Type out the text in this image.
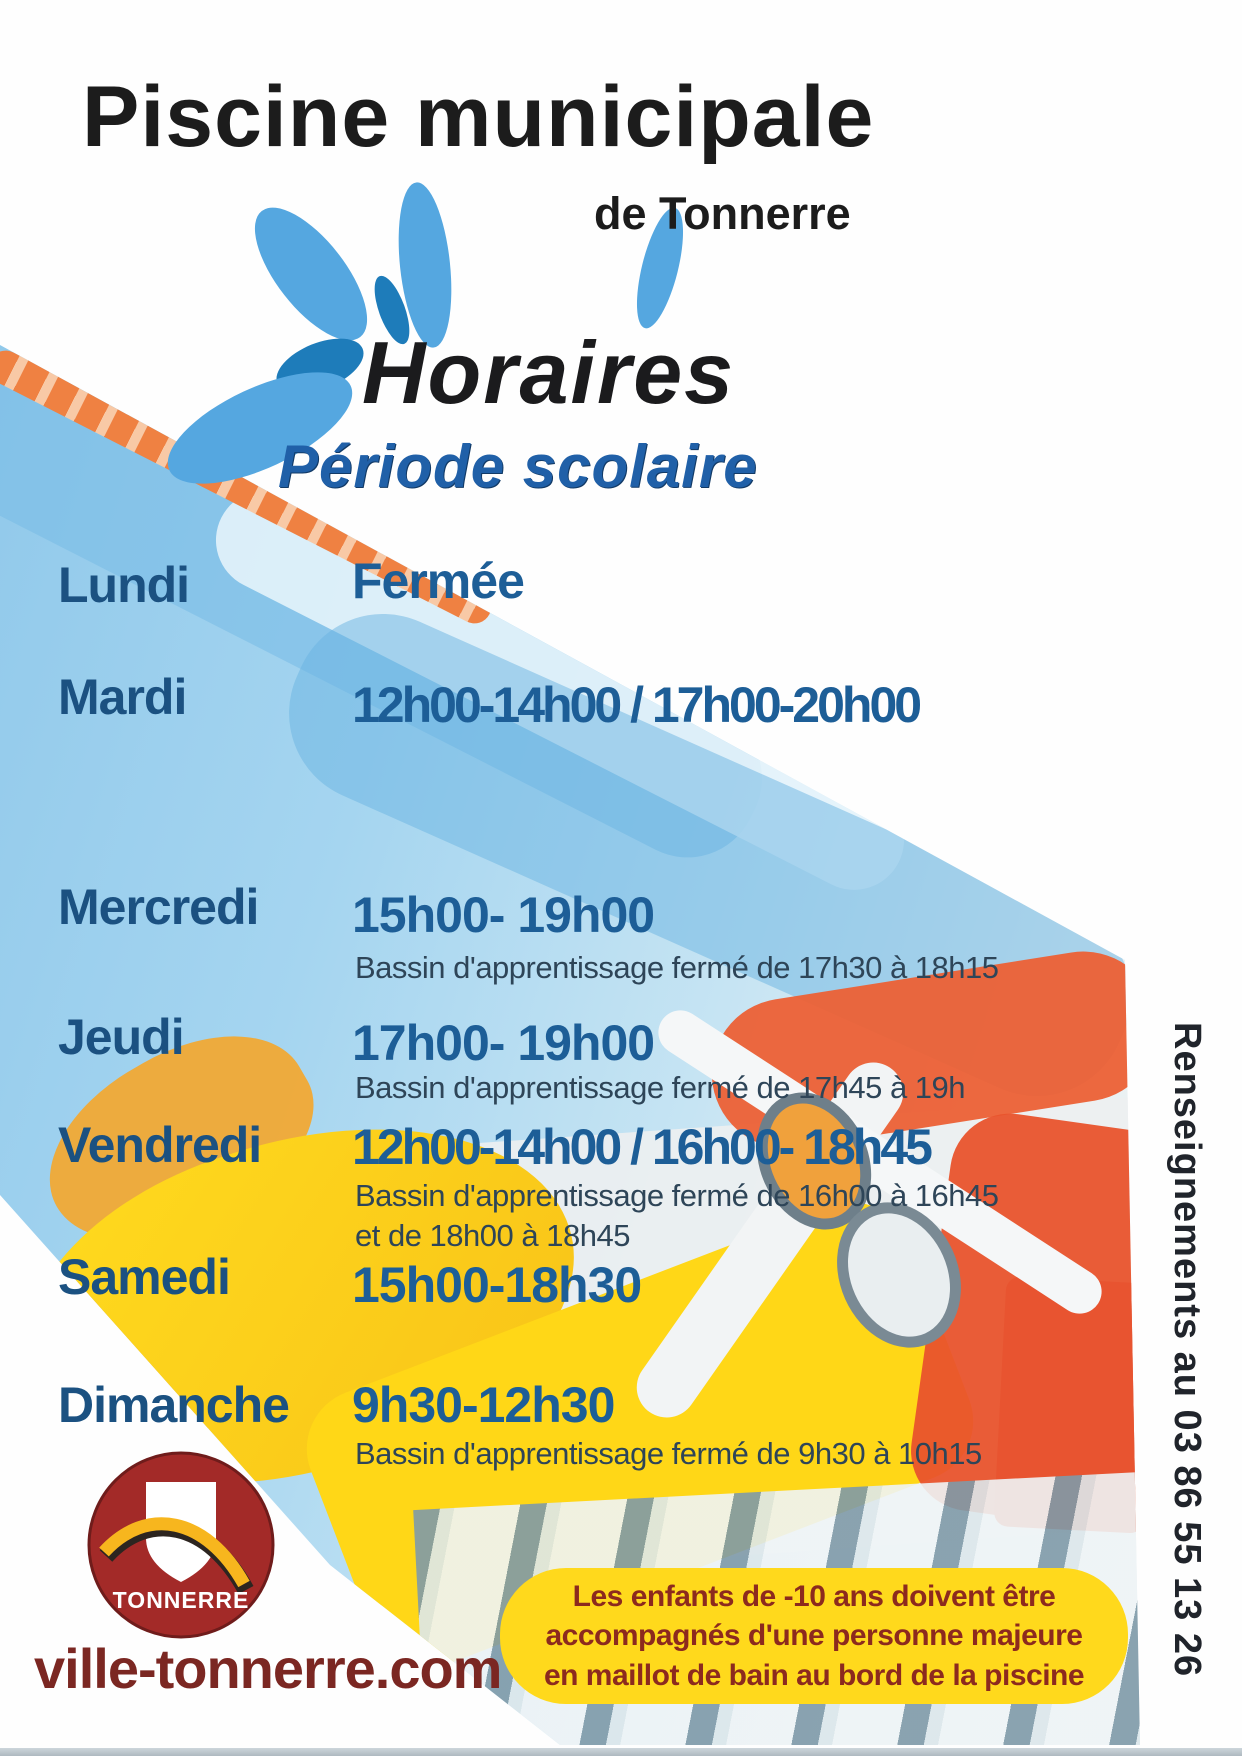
Piscine municipale
de Tonnerre
Horaires
Période scolaire
Lundi	Fermée
Mardi	12h00-14h00 / 17h00-20h00
Mercredi 15h00- 19h00
Bassin d'apprentissage fermé de 17h30 à 18h15
Jeudi	17h00- 19h00
Bassin d'apprentissage fermé de 17h45 à 19h
Vendredi 12h00-14h00 / 16h00- 18h45
Bassin d'apprentissage fermé de 16h00 à 16h45 et de 18h00 à 18h45
Samedi 15h00-18h30
Dimanche 9h30-12h30
Bassin d'apprentissage fermé de 9h30 à 10h15	Renseignements au 03 86 55 13 26
TONNERRE
ville-tonnerre.com
Les enfants de -10 ans doivent être accompagnés d'une personne majeure en maillot de bain au bord de la piscine
